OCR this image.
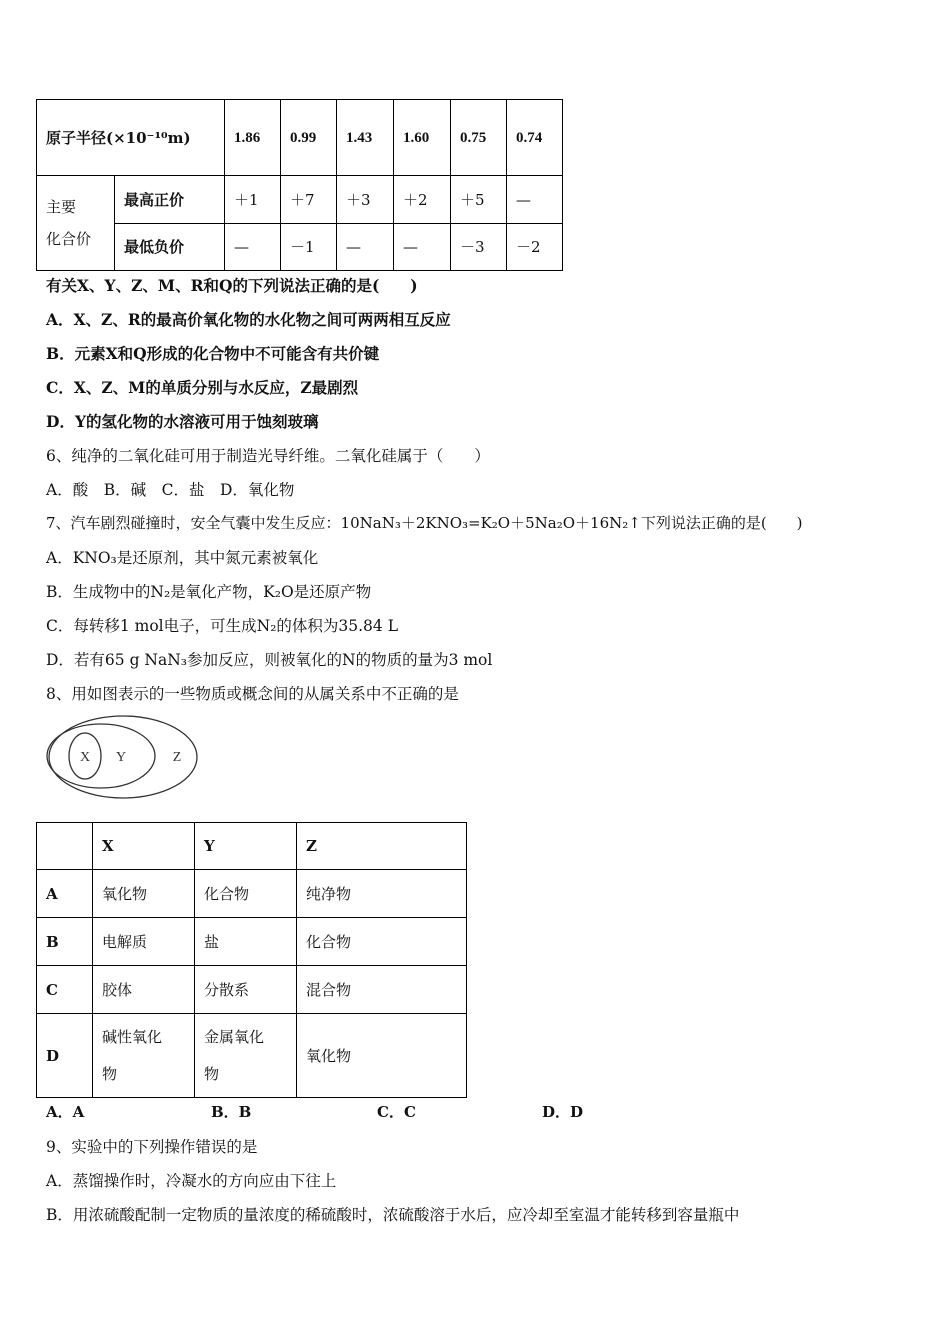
原子半径(×10⁻¹⁰m)		1.86	0.99	1.43	1.60	0.75	0.74
主要
化合价	最高正价	＋1	＋7	＋3	＋2	＋5	—
	最低负价	—	－1	—	—	－3	－2
有关X、Y、Z、M、R和Q的下列说法正确的是(　　)
A．X、Z、R的最高价氧化物的水化物之间可两两相互反应
B．元素X和Q形成的化合物中不可能含有共价键
C．X、Z、M的单质分别与水反应，Z最剧烈
D．Y的氢化物的水溶液可用于蚀刻玻璃
6、纯净的二氧化硅可用于制造光导纤维。二氧化硅属于（　　）
A．酸　B．碱　C．盐　D．氧化物
7、汽车剧烈碰撞时，安全气囊中发生反应：10NaN₃＋2KNO₃=K₂O＋5Na₂O＋16N₂↑下列说法正确的是(　　)
A．KNO₃是还原剂，其中氮元素被氧化
B．生成物中的N₂是氧化产物，K₂O是还原产物
C．每转移1 mol电子，可生成N₂的体积为35.84 L
D．若有65 g NaN₃参加反应，则被氧化的N的物质的量为3 mol
8、用如图表示的一些物质或概念间的从属关系中不正确的是
X Y	Z
	X	Y	Z
A	氧化物	化合物	纯净物
B	电解质	盐	化合物
C	胶体	分散系	混合物
D	碱性氧化物	金属氧化物	氧化物
A．A	B．B	C．C	D．D
9、实验中的下列操作错误的是
A．蒸馏操作时，冷凝水的方向应由下往上
B．用浓硫酸配制一定物质的量浓度的稀硫酸时，浓硫酸溶于水后，应冷却至室温才能转移到容量瓶中
